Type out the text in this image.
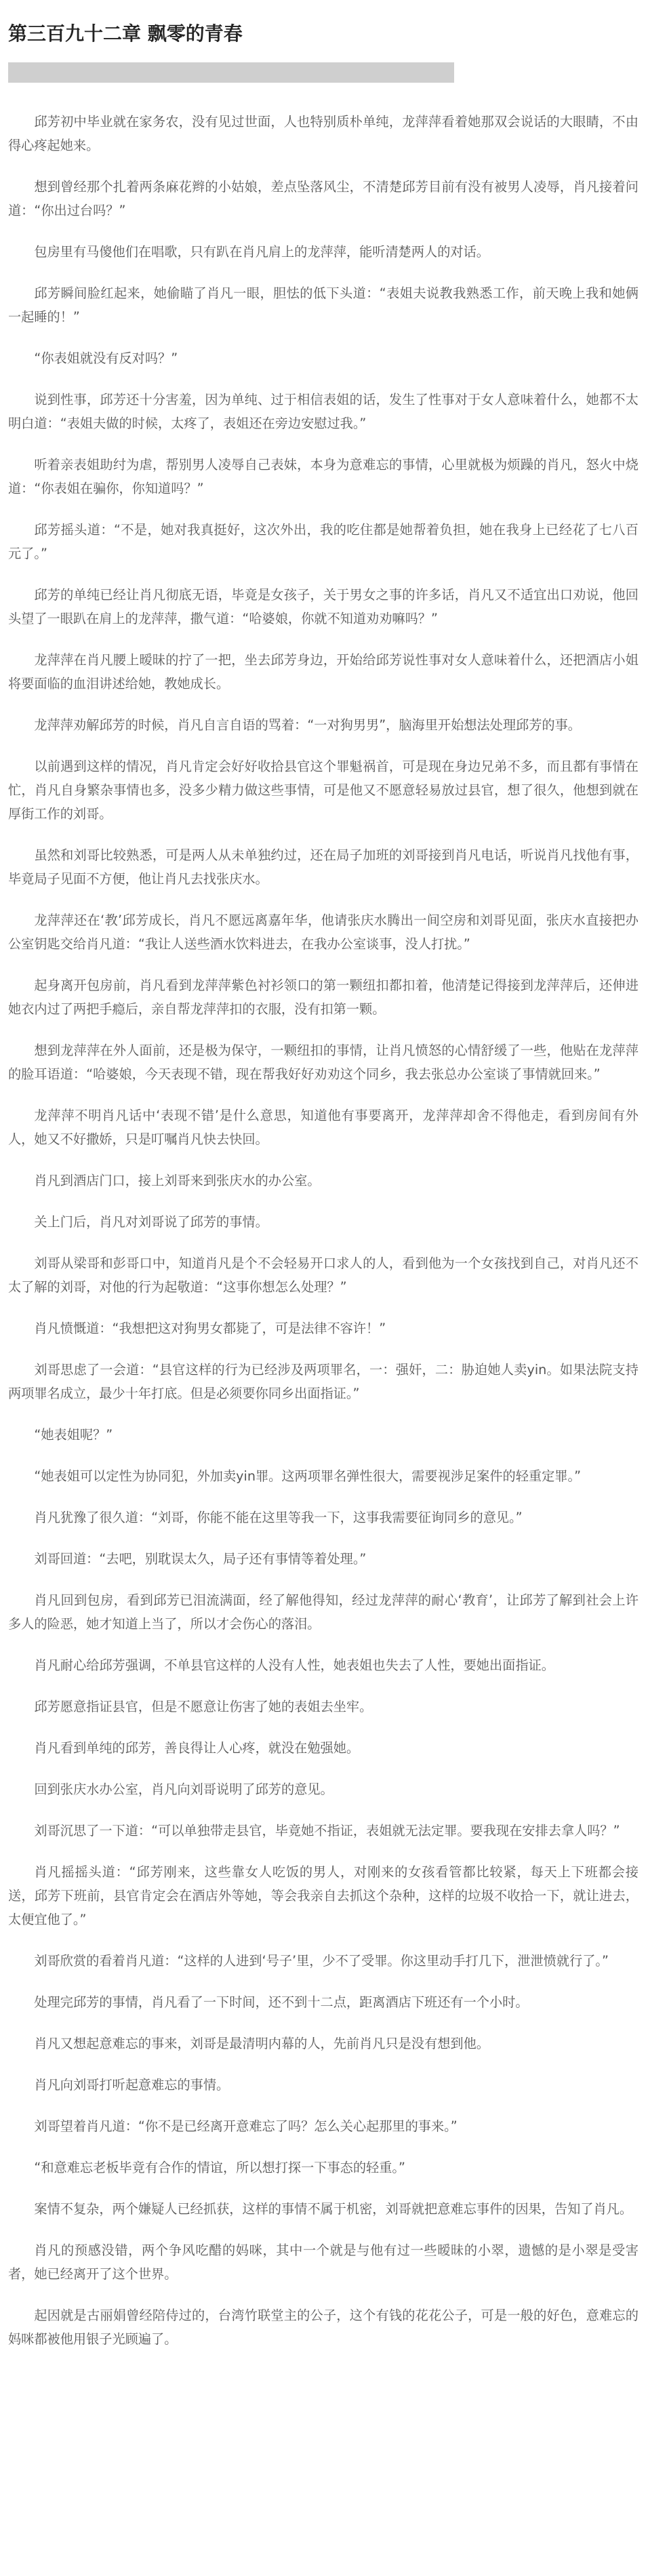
第三百九十二章 飘零的青春

邱芳初中毕业就在家务农，没有见过世面，人也特别质朴单纯，龙萍萍看着她那双会说话的大眼睛，不由得心疼起她来。

想到曾经那个扎着两条麻花辫的小姑娘，差点坠落风尘，不清楚邱芳目前有没有被男人凌辱，肖凡接着问道：“你出过台吗？”

包房里有马傻他们在唱歌，只有趴在肖凡肩上的龙萍萍，能听清楚两人的对话。

邱芳瞬间脸红起来，她偷瞄了肖凡一眼，胆怯的低下头道：“表姐夫说教我熟悉工作，前天晚上我和她俩一起睡的！”

“你表姐就没有反对吗？”

说到性事，邱芳还十分害羞，因为单纯、过于相信表姐的话，发生了性事对于女人意味着什么，她都不太明白道：“表姐夫做的时候，太疼了，表姐还在旁边安慰过我。”

听着亲表姐助纣为虐，帮别男人凌辱自己表妹，本身为意难忘的事情，心里就极为烦躁的肖凡，怒火中烧道：“你表姐在骗你，你知道吗？”

邱芳摇头道：“不是，她对我真挺好，这次外出，我的吃住都是她帮着负担，她在我身上已经花了七八百元了。”

邱芳的单纯已经让肖凡彻底无语，毕竟是女孩子，关于男女之事的许多话，肖凡又不适宜出口劝说，他回头望了一眼趴在肩上的龙萍萍，撒气道：“哈婆娘，你就不知道劝劝嘛吗？”

龙萍萍在肖凡腰上暧昧的拧了一把，坐去邱芳身边，开始给邱芳说性事对女人意味着什么，还把酒店小姐将要面临的血泪讲述给她，教她成长。

龙萍萍劝解邱芳的时候，肖凡自言自语的骂着：“一对狗男男”，脑海里开始想法处理邱芳的事。

以前遇到这样的情况，肖凡肯定会好好收拾县官这个罪魁祸首，可是现在身边兄弟不多，而且都有事情在忙，肖凡自身繁杂事情也多，没多少精力做这些事情，可是他又不愿意轻易放过县官，想了很久，他想到就在厚街工作的刘哥。

虽然和刘哥比较熟悉，可是两人从未单独约过，还在局子加班的刘哥接到肖凡电话，听说肖凡找他有事，毕竟局子见面不方便，他让肖凡去找张庆水。

龙萍萍还在‘教’邱芳成长，肖凡不愿远离嘉年华，他请张庆水腾出一间空房和刘哥见面，张庆水直接把办公室钥匙交给肖凡道：“我让人送些酒水饮料进去，在我办公室谈事，没人打扰。”

起身离开包房前，肖凡看到龙萍萍紫色衬衫领口的第一颗纽扣都扣着，他清楚记得接到龙萍萍后，还伸进她衣内过了两把手瘾后，亲自帮龙萍萍扣的衣服，没有扣第一颗。

想到龙萍萍在外人面前，还是极为保守，一颗纽扣的事情，让肖凡愤怒的心情舒缓了一些，他贴在龙萍萍的脸耳语道：“哈婆娘，今天表现不错，现在帮我好好劝劝这个同乡，我去张总办公室谈了事情就回来。”

龙萍萍不明肖凡话中‘表现不错’是什么意思，知道他有事要离开，龙萍萍却舍不得他走，看到房间有外人，她又不好撒娇，只是叮嘱肖凡快去快回。

肖凡到酒店门口，接上刘哥来到张庆水的办公室。

关上门后，肖凡对刘哥说了邱芳的事情。

刘哥从梁哥和彭哥口中，知道肖凡是个不会轻易开口求人的人，看到他为一个女孩找到自己，对肖凡还不太了解的刘哥，对他的行为起敬道：“这事你想怎么处理？”

肖凡愤慨道：“我想把这对狗男女都毙了，可是法律不容许！”

刘哥思虑了一会道：“县官这样的行为已经涉及两项罪名，一：强奸，二：胁迫她人卖yin。如果法院支持两项罪名成立，最少十年打底。但是必须要你同乡出面指证。”

“她表姐呢？”

“她表姐可以定性为协同犯，外加卖yin罪。这两项罪名弹性很大，需要视涉足案件的轻重定罪。”

肖凡犹豫了很久道：“刘哥，你能不能在这里等我一下，这事我需要征询同乡的意见。”

刘哥回道：“去吧，别耽误太久，局子还有事情等着处理。”

肖凡回到包房，看到邱芳已泪流满面，经了解他得知，经过龙萍萍的耐心‘教育’，让邱芳了解到社会上许多人的险恶，她才知道上当了，所以才会伤心的落泪。

肖凡耐心给邱芳强调，不单县官这样的人没有人性，她表姐也失去了人性，要她出面指证。

邱芳愿意指证县官，但是不愿意让伤害了她的表姐去坐牢。

肖凡看到单纯的邱芳，善良得让人心疼，就没在勉强她。

回到张庆水办公室，肖凡向刘哥说明了邱芳的意见。

刘哥沉思了一下道：“可以单独带走县官，毕竟她不指证，表姐就无法定罪。要我现在安排去拿人吗？”

肖凡摇摇头道：“邱芳刚来，这些靠女人吃饭的男人，对刚来的女孩看管都比较紧，每天上下班都会接送，邱芳下班前，县官肯定会在酒店外等她，等会我亲自去抓这个杂种，这样的垃圾不收拾一下，就让进去，太便宜他了。”

刘哥欣赏的看着肖凡道：“这样的人进到‘号子’里，少不了受罪。你这里动手打几下，泄泄愤就行了。”

处理完邱芳的事情，肖凡看了一下时间，还不到十二点，距离酒店下班还有一个小时。

肖凡又想起意难忘的事来，刘哥是最清明内幕的人，先前肖凡只是没有想到他。

肖凡向刘哥打听起意难忘的事情。

刘哥望着肖凡道：“你不是已经离开意难忘了吗？怎么关心起那里的事来。”

“和意难忘老板毕竟有合作的情谊，所以想打探一下事态的轻重。”

案情不复杂，两个嫌疑人已经抓获，这样的事情不属于机密，刘哥就把意难忘事件的因果，告知了肖凡。

肖凡的预感没错，两个争风吃醋的妈咪，其中一个就是与他有过一些暧昧的小翠，遗憾的是小翠是受害者，她已经离开了这个世界。

起因就是古丽娟曾经陪侍过的，台湾竹联堂主的公子，这个有钱的花花公子，可是一般的好色，意难忘的妈咪都被他用银子光顾遍了。
